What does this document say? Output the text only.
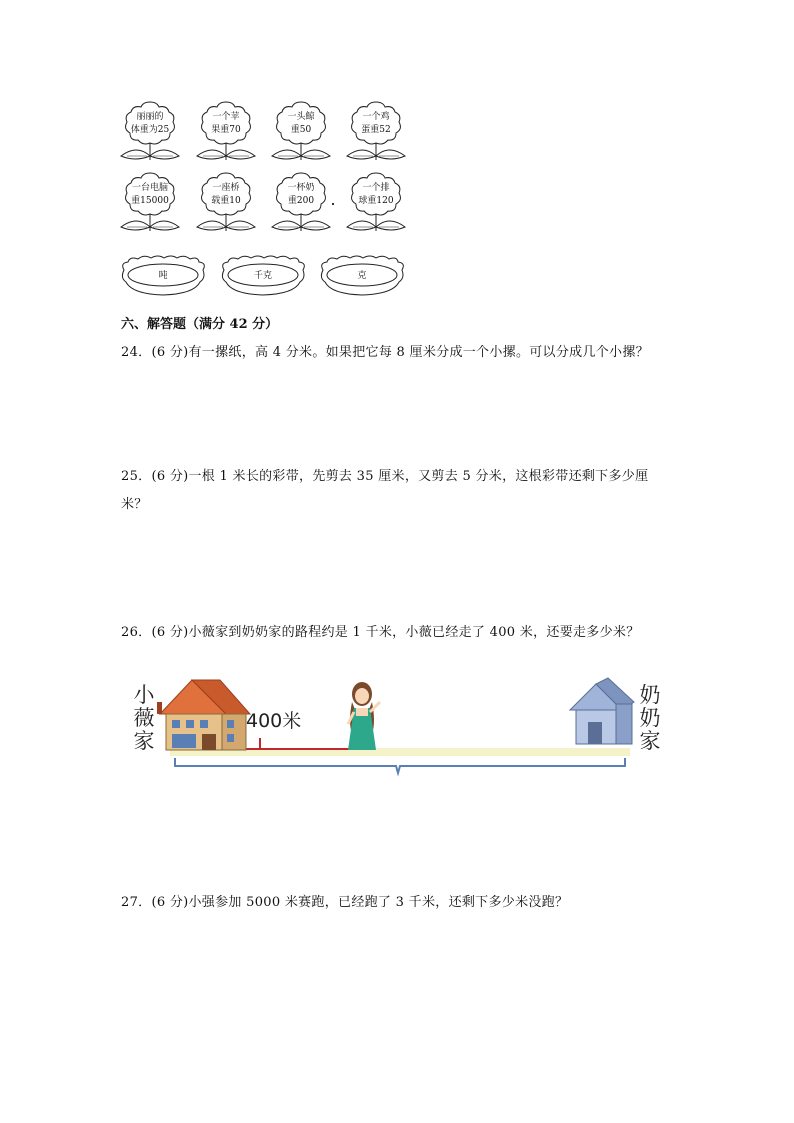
丽丽的
体重为25
一个苹
果重70
一头鲸
重50
一个鸡
蛋重52
一台电脑
重15000
一座桥
载重10
一杯奶
重200
一个排
球重120
吨	千克	克
六、解答题（满分 42 分）
24．(6 分)有一摞纸，高 4 分米。如果把它每 8 厘米分成一个小摞。可以分成几个小摞？
25．(6 分)一根 1 米长的彩带，先剪去 35 厘米，又剪去 5 分米，这根彩带还剩下多少厘
米？
26．(6 分)小薇家到奶奶家的路程约是 1 千米，小薇已经走了 400 米，还要走多少米？
27．(6 分)小强参加 5000 米赛跑，已经跑了 3 千米，还剩下多少米没跑？
小
薇
家
奶
奶
家
400米
